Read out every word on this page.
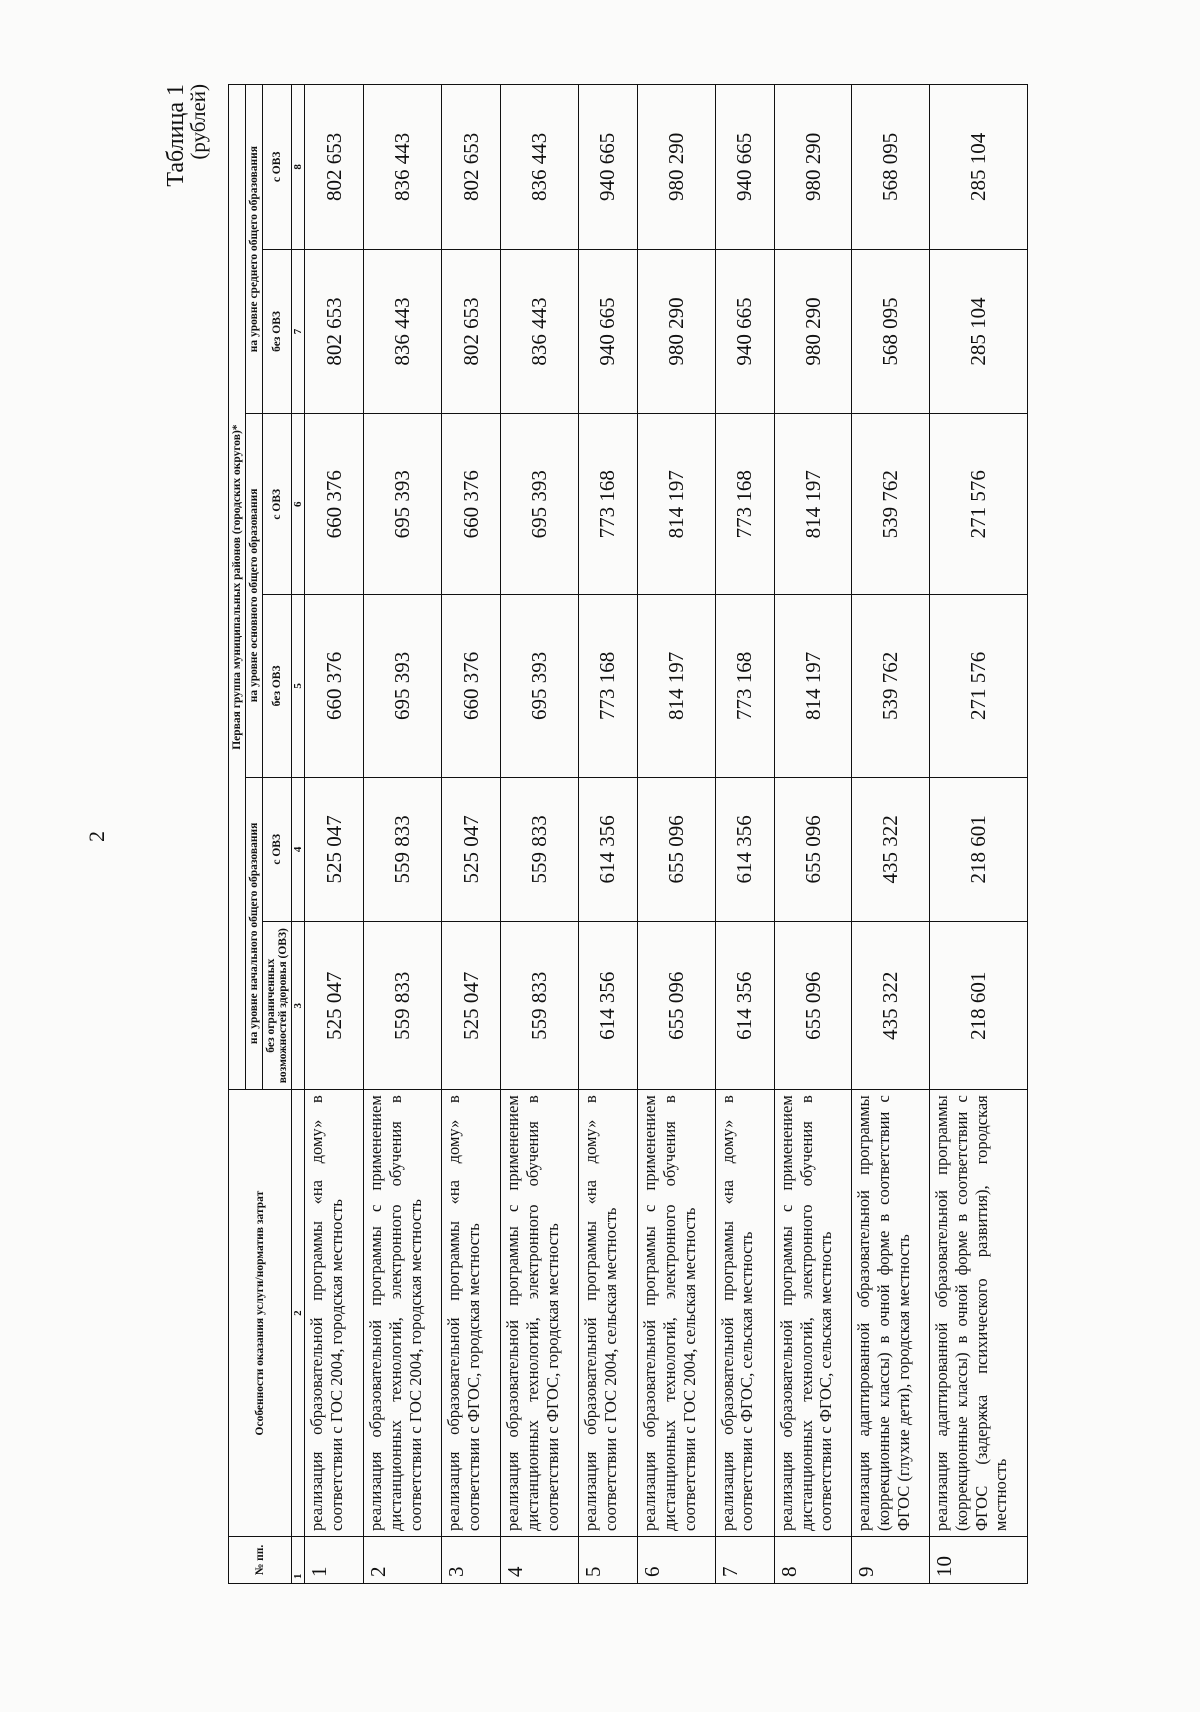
2
Таблица 1
(рублей)
№ пп.	Особенности оказания услуги/норматив затрат	Первая группа муниципальных районов (городских округов)*					
		на уровне начального общего образования		на уровне основного общего образования		на уровне среднего общего образования	
		без ограниченных возможностей здоровья (ОВЗ)	с ОВЗ	без ОВЗ	с ОВЗ	без ОВЗ	с ОВЗ
1	2	3	4	5	6	7	8
1	реализация образовательной программы «на дому» в соответствии с ГОС 2004, городская местность	525 047	525 047	660 376	660 376	802 653	802 653
2	реализация образовательной программы с применением дистанционных технологий, электронного обучения в соответствии с ГОС 2004, городская местность	559 833	559 833	695 393	695 393	836 443	836 443
3	реализация образовательной программы «на дому» в соответствии с ФГОС, городская местность	525 047	525 047	660 376	660 376	802 653	802 653
4	реализация образовательной программы с применением дистанционных технологий, электронного обучения в соответствии с ФГОС, городская местность	559 833	559 833	695 393	695 393	836 443	836 443
5	реализация образовательной программы «на дому» в соответствии с ГОС 2004, сельская местность	614 356	614 356	773 168	773 168	940 665	940 665
6	реализация образовательной программы с применением дистанционных технологий, электронного обучения в соответствии с ГОС 2004, сельская местность	655 096	655 096	814 197	814 197	980 290	980 290
7	реализация образовательной программы «на дому» в соответствии с ФГОС, сельская местность	614 356	614 356	773 168	773 168	940 665	940 665
8	реализация образовательной программы с применением дистанционных технологий, электронного обучения в соответствии с ФГОС, сельская местность	655 096	655 096	814 197	814 197	980 290	980 290
9	реализация адаптированной образовательной программы (коррекционные классы) в очной форме в соответствии с ФГОС (глухие дети), городская местность	435 322	435 322	539 762	539 762	568 095	568 095
10	реализация адаптированной образовательной программы (коррекционные классы) в очной форме в соответствии с ФГОС (задержка психического развития), городская местность	218 601	218 601	271 576	271 576	285 104	285 104
